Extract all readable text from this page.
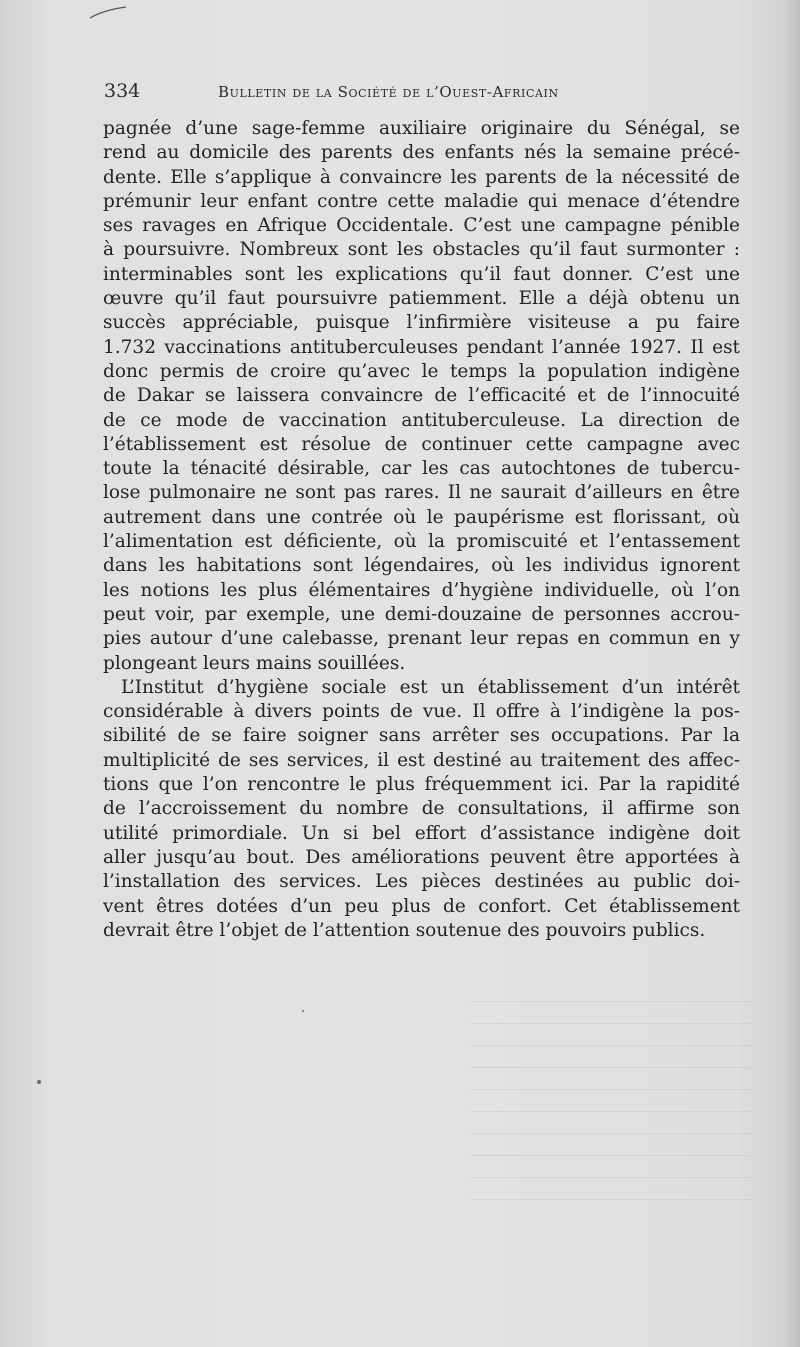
334	Bulletin de la Société de l’Ouest-Africain
pagnée d’une sage-femme auxiliaire originaire du Sénégal, se
rend au domicile des parents des enfants nés la semaine précé-
dente. Elle s’applique à convaincre les parents de la nécessité de
prémunir leur enfant contre cette maladie qui menace d’étendre
ses ravages en Afrique Occidentale. C’est une campagne pénible
à poursuivre. Nombreux sont les obstacles qu’il faut surmonter :
interminables sont les explications qu’il faut donner. C’est une
œuvre qu’il faut poursuivre patiemment. Elle a déjà obtenu un
succès appréciable, puisque l’infirmière visiteuse a pu faire
1.732 vaccinations antituberculeuses pendant l’année 1927. Il est
donc permis de croire qu’avec le temps la population indigène
de Dakar se laissera convaincre de l’efficacité et de l’innocuité
de ce mode de vaccination antituberculeuse. La direction de
l’établissement est résolue de continuer cette campagne avec
toute la ténacité désirable, car les cas autochtones de tubercu-
lose pulmonaire ne sont pas rares. Il ne saurait d’ailleurs en être
autrement dans une contrée où le paupérisme est florissant, où
l’alimentation est déficiente, où la promiscuité et l’entassement
dans les habitations sont légendaires, où les individus ignorent
les notions les plus élémentaires d’hygiène individuelle, où l’on
peut voir, par exemple, une demi-douzaine de personnes accrou-
pies autour d’une calebasse, prenant leur repas en commun en y
plongeant leurs mains souillées.
L’Institut d’hygiène sociale est un établissement d’un intérêt
considérable à divers points de vue. Il offre à l’indigène la pos-
sibilité de se faire soigner sans arrêter ses occupations. Par la
multiplicité de ses services, il est destiné au traitement des affec-
tions que l’on rencontre le plus fréquemment ici. Par la rapidité
de l’accroissement du nombre de consultations, il affirme son
utilité primordiale. Un si bel effort d’assistance indigène doit
aller jusqu’au bout. Des améliorations peuvent être apportées à
l’installation des services. Les pièces destinées au public doi-
vent êtres dotées d’un peu plus de confort. Cet établissement
devrait être l’objet de l’attention soutenue des pouvoirs publics.
